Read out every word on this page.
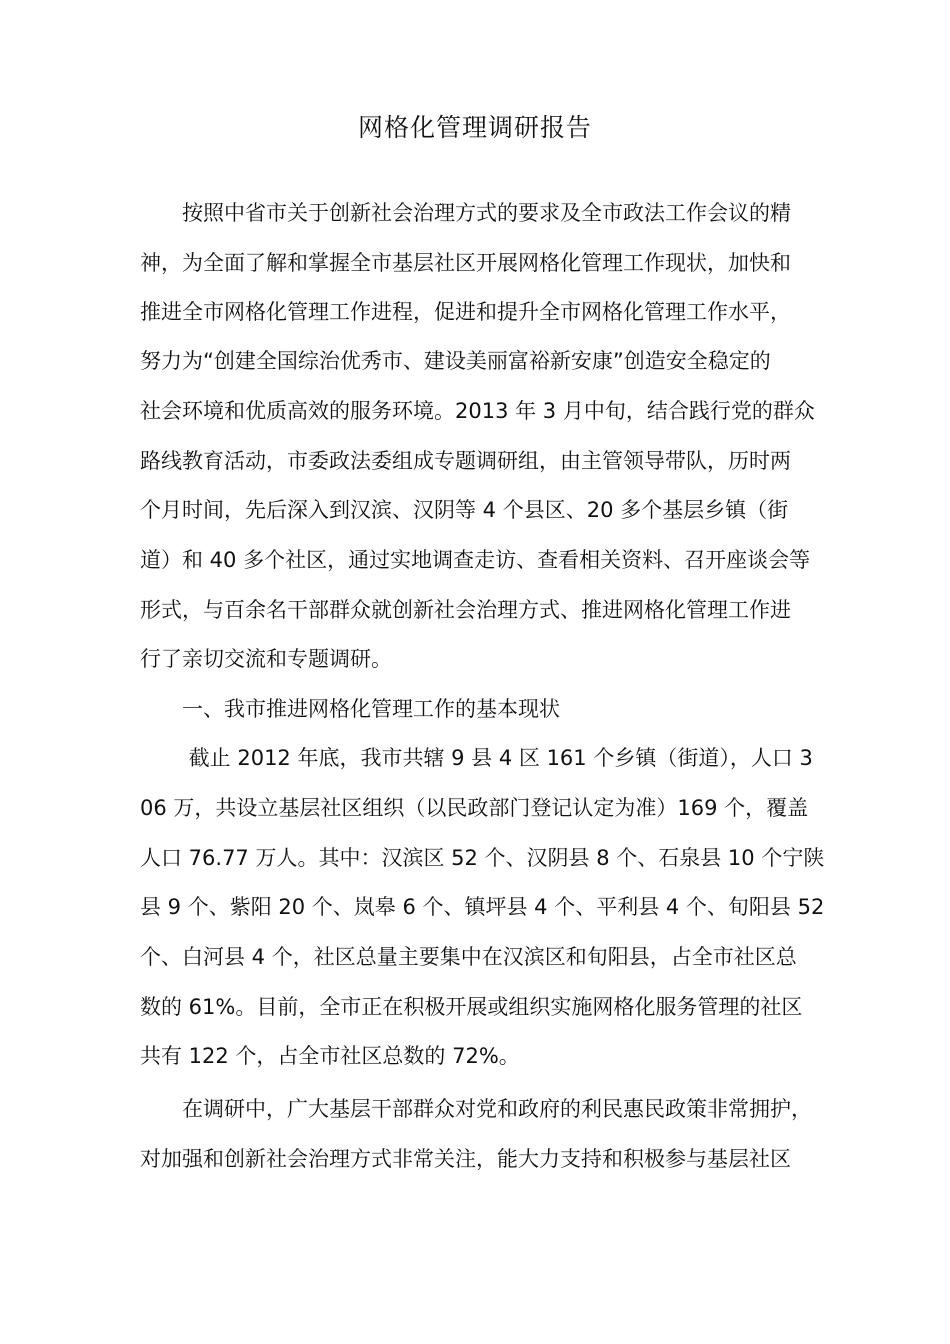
网格化管理调研报告
　　按照中省市关于创新社会治理方式的要求及全市政法工作会议的精
神，为全面了解和掌握全市基层社区开展网格化管理工作现状，加快和
推进全市网格化管理工作进程，促进和提升全市网格化管理工作水平，
努力为“创建全国综治优秀市、建设美丽富裕新安康”创造安全稳定的
社会环境和优质高效的服务环境。2013 年 3 月中旬，结合践行党的群众
路线教育活动，市委政法委组成专题调研组，由主管领导带队，历时两
个月时间，先后深入到汉滨、汉阴等 4 个县区、20 多个基层乡镇（街
道）和 40 多个社区，通过实地调查走访、查看相关资料、召开座谈会等
形式，与百余名干部群众就创新社会治理方式、推进网格化管理工作进
行了亲切交流和专题调研。
　　一、我市推进网格化管理工作的基本现状
　　 截止 2012 年底，我市共辖 9 县 4 区 161 个乡镇（街道），人口 3
06 万，共设立基层社区组织（以民政部门登记认定为准）169 个，覆盖
人口 76.77 万人。其中：汉滨区 52 个、汉阴县 8 个、石泉县 10 个宁陕
县 9 个、紫阳 20 个、岚皋 6 个、镇坪县 4 个、平利县 4 个、旬阳县 52
个、白河县 4 个，社区总量主要集中在汉滨区和旬阳县，占全市社区总
数的 61%。目前，全市正在积极开展或组织实施网格化服务管理的社区
共有 122 个，占全市社区总数的 72%。
　　在调研中，广大基层干部群众对党和政府的利民惠民政策非常拥护，
对加强和创新社会治理方式非常关注，能大力支持和积极参与基层社区
